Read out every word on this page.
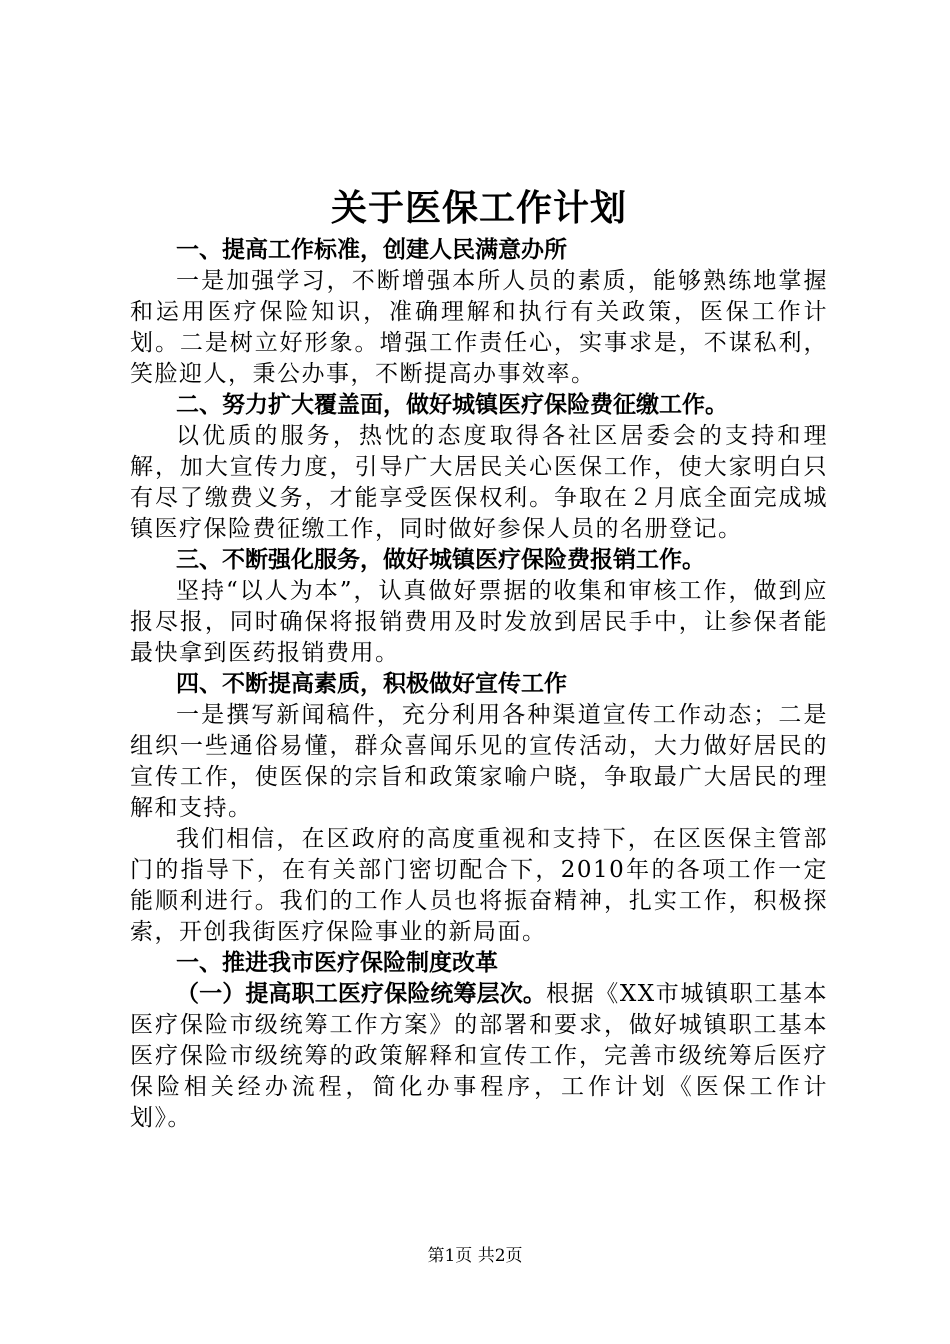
关于医保工作计划

一、提高工作标准，创建人民满意办所

一是加强学习，不断增强本所人员的素质，能够熟练地掌握和运用医疗保险知识，准确理解和执行有关政策，医保工作计划。二是树立好形象。增强工作责任心，实事求是，不谋私利，笑脸迎人，秉公办事，不断提高办事效率。

二、努力扩大覆盖面，做好城镇医疗保险费征缴工作。

以优质的服务，热忱的态度取得各社区居委会的支持和理解，加大宣传力度，引导广大居民关心医保工作，使大家明白只有尽了缴费义务，才能享受医保权利。争取在２月底全面完成城镇医疗保险费征缴工作，同时做好参保人员的名册登记。

三、不断强化服务，做好城镇医疗保险费报销工作。

坚持“以人为本”，认真做好票据的收集和审核工作，做到应报尽报，同时确保将报销费用及时发放到居民手中，让参保者能最快拿到医药报销费用。

四、不断提高素质，积极做好宣传工作

一是撰写新闻稿件，充分利用各种渠道宣传工作动态；二是组织一些通俗易懂，群众喜闻乐见的宣传活动，大力做好居民的宣传工作，使医保的宗旨和政策家喻户晓，争取最广大居民的理解和支持。

我们相信，在区政府的高度重视和支持下，在区医保主管部门的指导下，在有关部门密切配合下，2010年的各项工作一定能顺利进行。我们的工作人员也将振奋精神，扎实工作，积极探索，开创我街医疗保险事业的新局面。

一、推进我市医疗保险制度改革

（一）提高职工医疗保险统筹层次。根据《XX市城镇职工基本医疗保险市级统筹工作方案》的部署和要求，做好城镇职工基本医疗保险市级统筹的政策解释和宣传工作，完善市级统筹后医疗保险相关经办流程，简化办事程序，工作计划《医保工作计划》。

第1页 共2页
